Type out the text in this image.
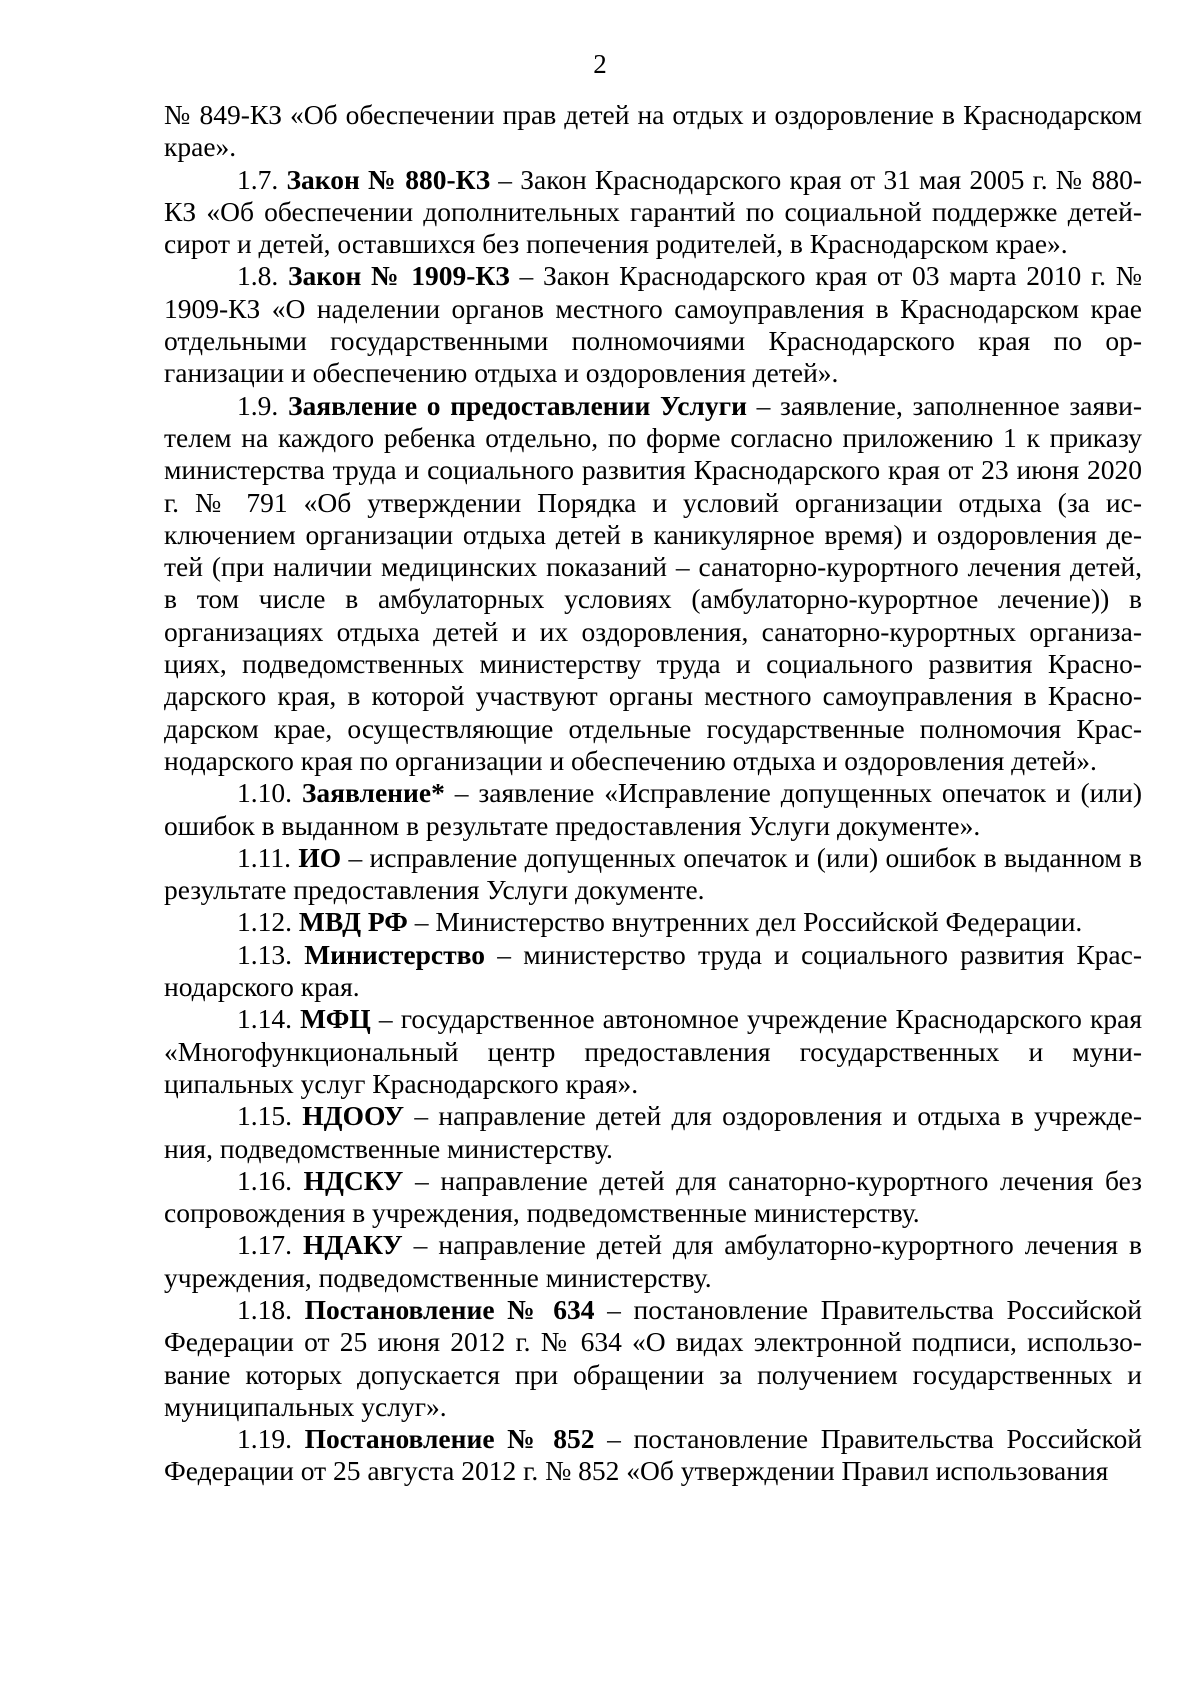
2

№ 849-КЗ «Об обеспечении прав детей на отдых и оздоровление в Краснодарском крае».

1.7. Закон № 880-КЗ – Закон Краснодарского края от 31 мая 2005 г. № 880-КЗ «Об обеспечении дополнительных гарантий по социальной поддержке детей-сирот и детей, оставшихся без попечения родителей, в Краснодарском крае».

1.8. Закон № 1909-КЗ – Закон Краснодарского края от 03 марта 2010 г. № 1909-КЗ «О наделении органов местного самоуправления в Краснодарском крае отдельными государственными полномочиями Краснодарского края по организации и обеспечению отдыха и оздоровления детей».

1.9. Заявление о предоставлении Услуги – заявление, заполненное заявителем на каждого ребенка отдельно, по форме согласно приложению 1 к приказу министерства труда и социального развития Краснодарского края от 23 июня 2020 г. № 791 «Об утверждении Порядка и условий организации отдыха (за исключением организации отдыха детей в каникулярное время) и оздоровления детей (при наличии медицинских показаний – санаторно-курортного лечения детей, в том числе в амбулаторных условиях (амбулаторно-курортное лечение)) в организациях отдыха детей и их оздоровления, санаторно-курортных организациях, подведомственных министерству труда и социального развития Краснодарского края, в которой участвуют органы местного самоуправления в Краснодарском крае, осуществляющие отдельные государственные полномочия Краснодарского края по организации и обеспечению отдыха и оздоровления детей».

1.10. Заявление* – заявление «Исправление допущенных опечаток и (или) ошибок в выданном в результате предоставления Услуги документе».

1.11. ИО – исправление допущенных опечаток и (или) ошибок в выданном в результате предоставления Услуги документе.

1.12. МВД РФ – Министерство внутренних дел Российской Федерации.

1.13. Министерство – министерство труда и социального развития Краснодарского края.

1.14. МФЦ – государственное автономное учреждение Краснодарского края «Многофункциональный центр предоставления государственных и муниципальных услуг Краснодарского края».

1.15. НДООУ – направление детей для оздоровления и отдыха в учреждения, подведомственные министерству.

1.16. НДСКУ – направление детей для санаторно-курортного лечения без сопровождения в учреждения, подведомственные министерству.

1.17. НДАКУ – направление детей для амбулаторно-курортного лечения в учреждения, подведомственные министерству.

1.18. Постановление № 634 – постановление Правительства Российской Федерации от 25 июня 2012 г. № 634 «О видах электронной подписи, использование которых допускается при обращении за получением государственных и муниципальных услуг».

1.19. Постановление № 852 – постановление Правительства Российской Федерации от 25 августа 2012 г. № 852 «Об утверждении Правил использования
